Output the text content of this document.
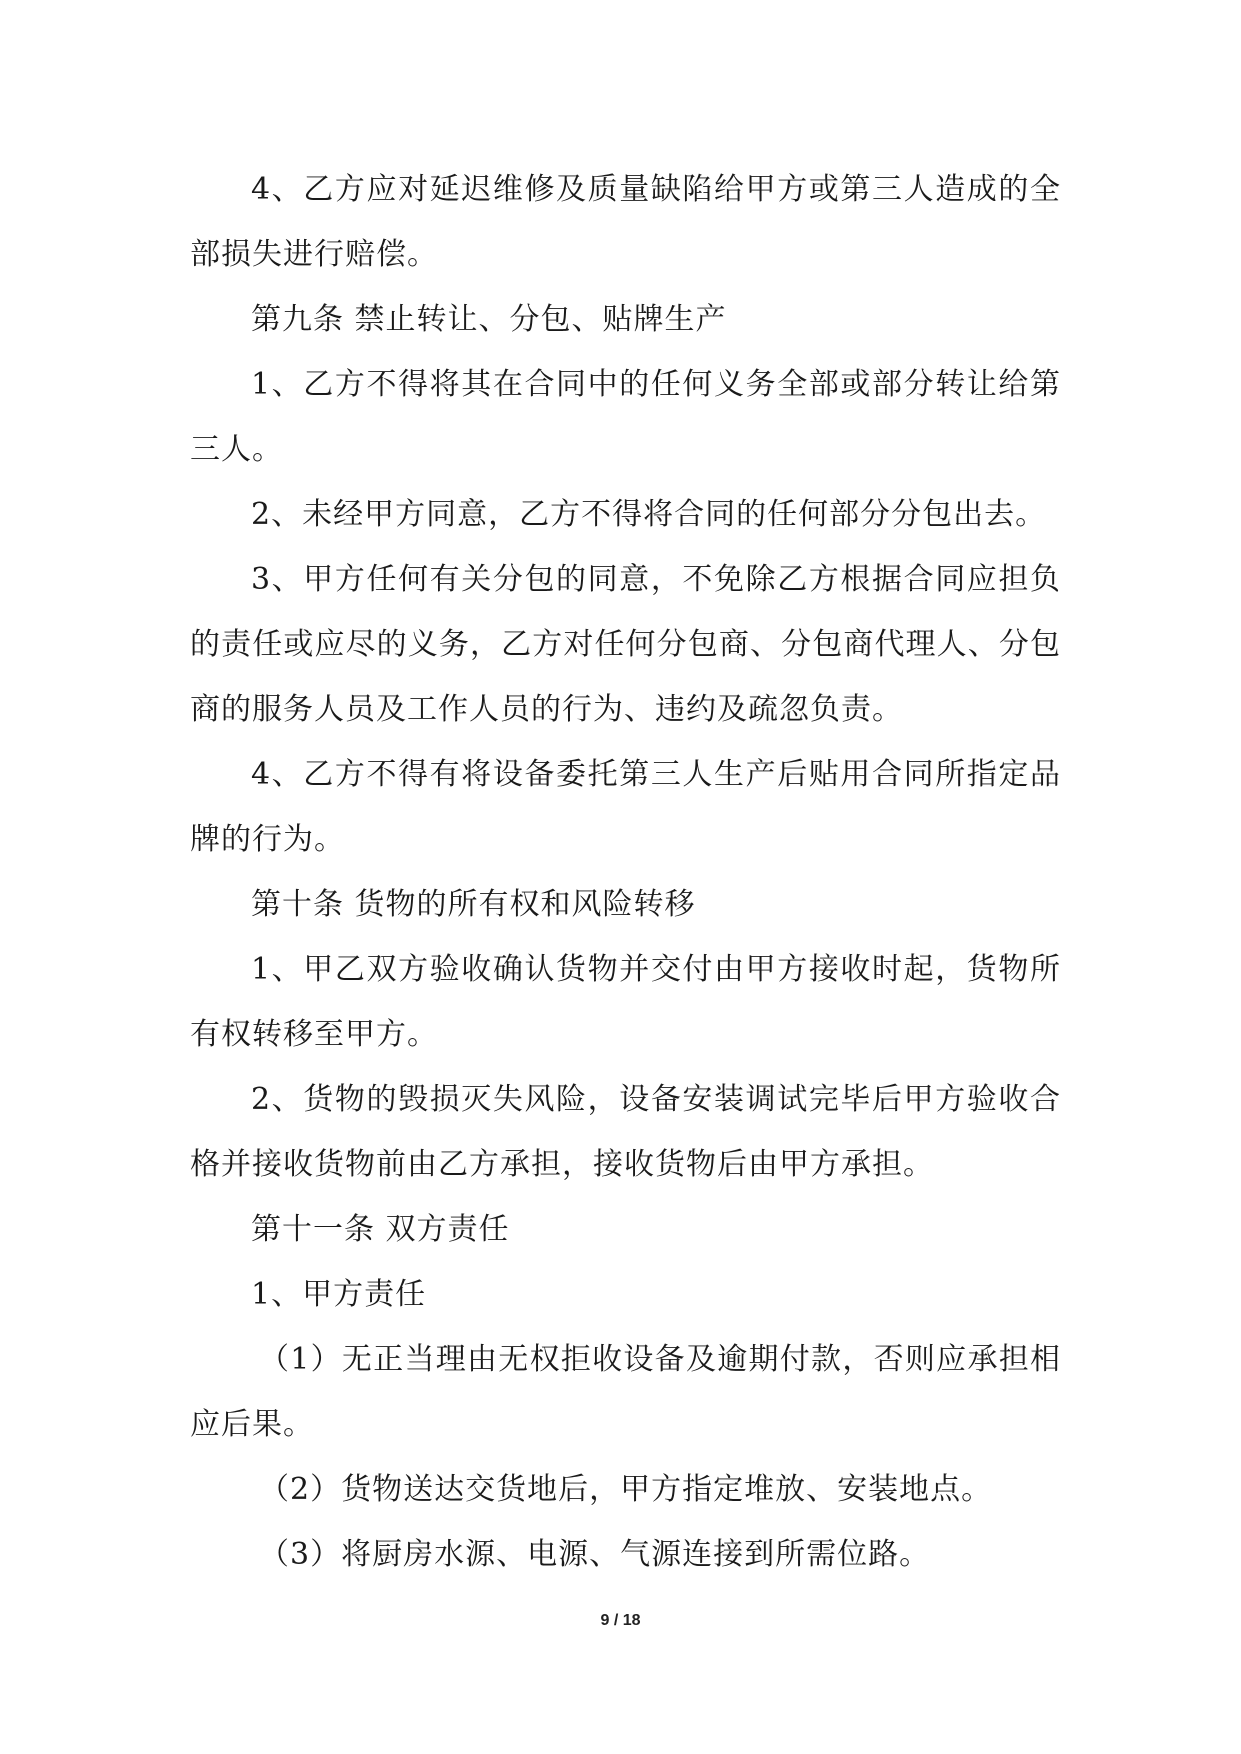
4、乙方应对延迟维修及质量缺陷给甲方或第三人造成的全部损失进行赔偿。

第九条 禁止转让、分包、贴牌生产

1、乙方不得将其在合同中的任何义务全部或部分转让给第三人。

2、未经甲方同意，乙方不得将合同的任何部分分包出去。

3、甲方任何有关分包的同意，不免除乙方根据合同应担负的责任或应尽的义务，乙方对任何分包商、分包商代理人、分包商的服务人员及工作人员的行为、违约及疏忽负责。

4、乙方不得有将设备委托第三人生产后贴用合同所指定品牌的行为。

第十条 货物的所有权和风险转移

1、甲乙双方验收确认货物并交付由甲方接收时起，货物所有权转移至甲方。

2、货物的毁损灭失风险，设备安装调试完毕后甲方验收合格并接收货物前由乙方承担，接收货物后由甲方承担。

第十一条 双方责任

1、甲方责任

（1）无正当理由无权拒收设备及逾期付款，否则应承担相应后果。

（2）货物送达交货地后，甲方指定堆放、安装地点。

（3）将厨房水源、电源、气源连接到所需位路。

9 / 18
